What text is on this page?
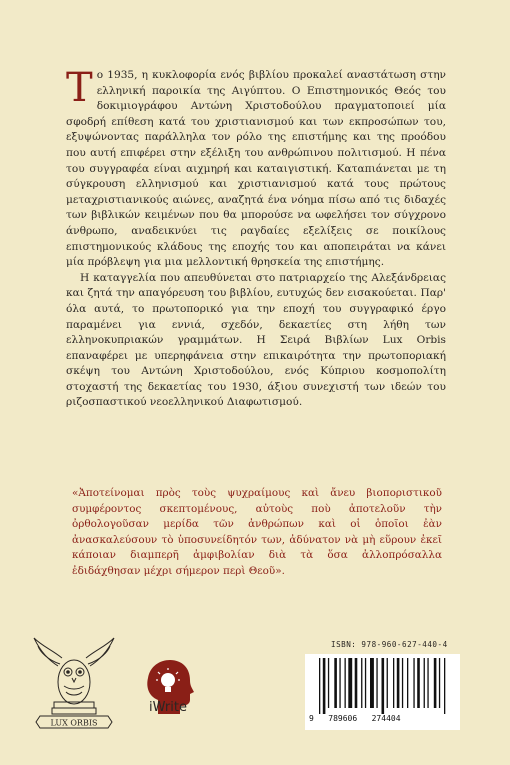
Το 1935, η κυκλοφορία ενός βιβλίου προκαλεί αναστάτωση στην ελληνική παροικία της Αιγύπτου. Ο Επιστημονικός Θεός του δοκιμιογράφου Αντώνη Χριστοδούλου πραγματοποιεί μία σφοδρή επίθεση κατά του χριστιανισμού και των εκπροσώπων του, εξυψώνοντας παράλληλα τον ρόλο της επιστήμης και της προόδου που αυτή επιφέρει στην εξέλιξη του ανθρώπινου πολιτισμού. Η πένα του συγγραφέα είναι αιχμηρή και καταιγιστική. Καταπιάνεται με τη σύγκρουση ελληνισμού και χριστιανισμού κατά τους πρώτους μεταχριστιανικούς αιώνες, αναζητά ένα νόημα πίσω από τις διδαχές των βιβλικών κειμένων που θα μπορούσε να ωφελήσει τον σύγχρονο άνθρωπο, αναδεικνύει τις ραγδαίες εξελίξεις σε ποικίλους επιστημονικούς κλάδους της εποχής του και αποπειράται να κάνει μία πρόβλεψη για μια μελλοντική θρησκεία της επιστήμης.

Η καταγγελία που απευθύνεται στο πατριαρχείο της Αλεξάνδρειας και ζητά την απαγόρευση του βιβλίου, ευτυχώς δεν εισακούεται. Παρ' όλα αυτά, το πρωτοπορικό για την εποχή του συγγραφικό έργο παραμένει για εννιά, σχεδόν, δεκαετίες στη λήθη των ελληνοκυπριακών γραμμάτων. Η Σειρά Βιβλίων Lux Orbis επαναφέρει με υπερηφάνεια στην επικαιρότητα την πρωτοποριακή σκέψη του Αντώνη Χριστοδούλου, ενός Κύπριου κοσμοπολίτη στοχαστή της δεκαετίας του 1930, άξιου συνεχιστή των ιδεών του ριζοσπαστικού νεοελληνικού Διαφωτισμού.

«Ἀποτείνομαι πρὸς τοὺς ψυχραίμους καὶ ἄνευ βιοποριστικοῦ συμφέροντος σκεπτομένους, αὐτοὺς ποὺ ἀποτελοῦν τὴν ὀρθολογοῦσαν μερίδα τῶν ἀνθρώπων καὶ οἱ ὁποῖοι ἐὰν ἀνασκαλεύσουν τὸ ὑποσυνείδητόν των, ἀδύνατον νὰ μὴ εὕρουν ἐκεῖ κάποιαν διαμπερῆ ἀμφιβολίαν διὰ τὰ ὅσα ἀλλοπρόσαλλα ἐδιδάχθησαν μέχρι σήμερον περὶ Θεοῦ».

LUX ORBIS
iWrite

ISBN: 978-960-627-440-4

9   789606   274404
